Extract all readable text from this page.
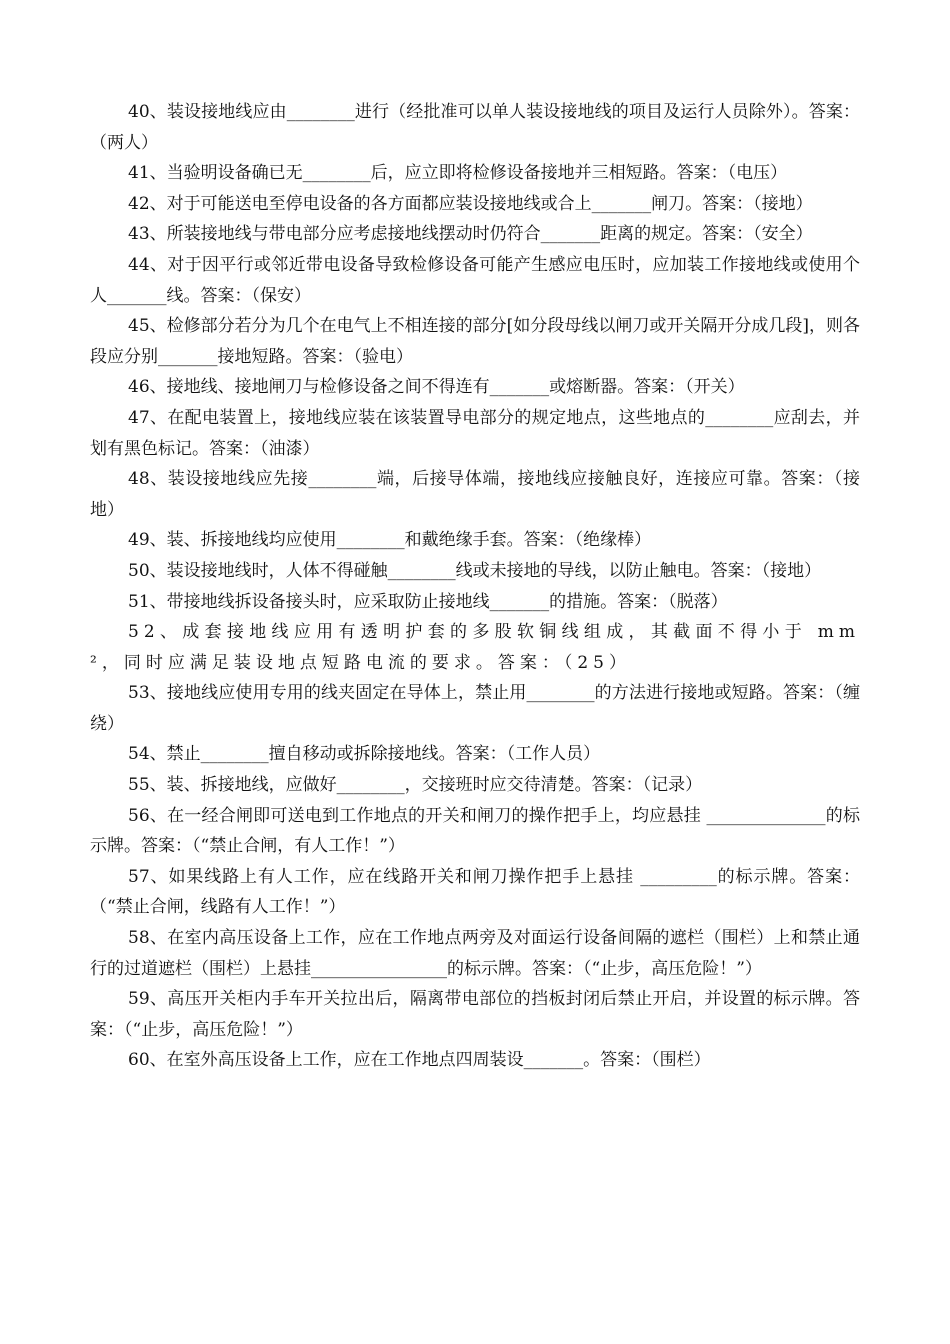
40、装设接地线应由________进行（经批准可以单人装设接地线的项目及运行人员除外）。答案：（两人）

41、当验明设备确已无________后，应立即将检修设备接地并三相短路。答案：（电压）

42、对于可能送电至停电设备的各方面都应装设接地线或合上_______闸刀。答案：（接地）

43、所装接地线与带电部分应考虑接地线摆动时仍符合_______距离的规定。答案：（安全）

44、对于因平行或邻近带电设备导致检修设备可能产生感应电压时，应加装工作接地线或使用个人_______线。答案：（保安）

45、检修部分若分为几个在电气上不相连接的部分[如分段母线以闸刀或开关隔开分成几段]，则各段应分别_______接地短路。答案：（验电）

46、接地线、接地闸刀与检修设备之间不得连有_______或熔断器。答案：（开关）

47、在配电装置上，接地线应装在该装置导电部分的规定地点，这些地点的________应刮去，并划有黑色标记。答案：（油漆）

48、装设接地线应先接________端，后接导体端，接地线应接触良好，连接应可靠。答案：（接地）

49、装、拆接地线均应使用________和戴绝缘手套。答案：（绝缘棒）

50、装设接地线时，人体不得碰触________线或未接地的导线，以防止触电。答案：（接地）

51、带接地线拆设备接头时，应采取防止接地线_______的措施。答案：（脱落）

52、成套接地线应用有透明护套的多股软铜线组成，其截面不得小于 mm²，同时应满足装设地点短路电流的要求。答案：（25）

53、接地线应使用专用的线夹固定在导体上，禁止用________的方法进行接地或短路。答案：（缠绕）

54、禁止________擅自移动或拆除接地线。答案：（工作人员）

55、装、拆接地线，应做好________，交接班时应交待清楚。答案：（记录）

56、在一经合闸即可送电到工作地点的开关和闸刀的操作把手上，均应悬挂 ______________的标示牌。答案：（“禁止合闸，有人工作！”）

57、如果线路上有人工作，应在线路开关和闸刀操作把手上悬挂 _________的标示牌。答案：（“禁止合闸，线路有人工作！”）

58、在室内高压设备上工作，应在工作地点两旁及对面运行设备间隔的遮栏（围栏）上和禁止通行的过道遮栏（围栏）上悬挂________________的标示牌。答案：（“止步，高压危险！”）

59、高压开关柜内手车开关拉出后，隔离带电部位的挡板封闭后禁止开启，并设置的标示牌。答案：（“止步，高压危险！”）

60、在室外高压设备上工作，应在工作地点四周装设_______。答案：（围栏）
